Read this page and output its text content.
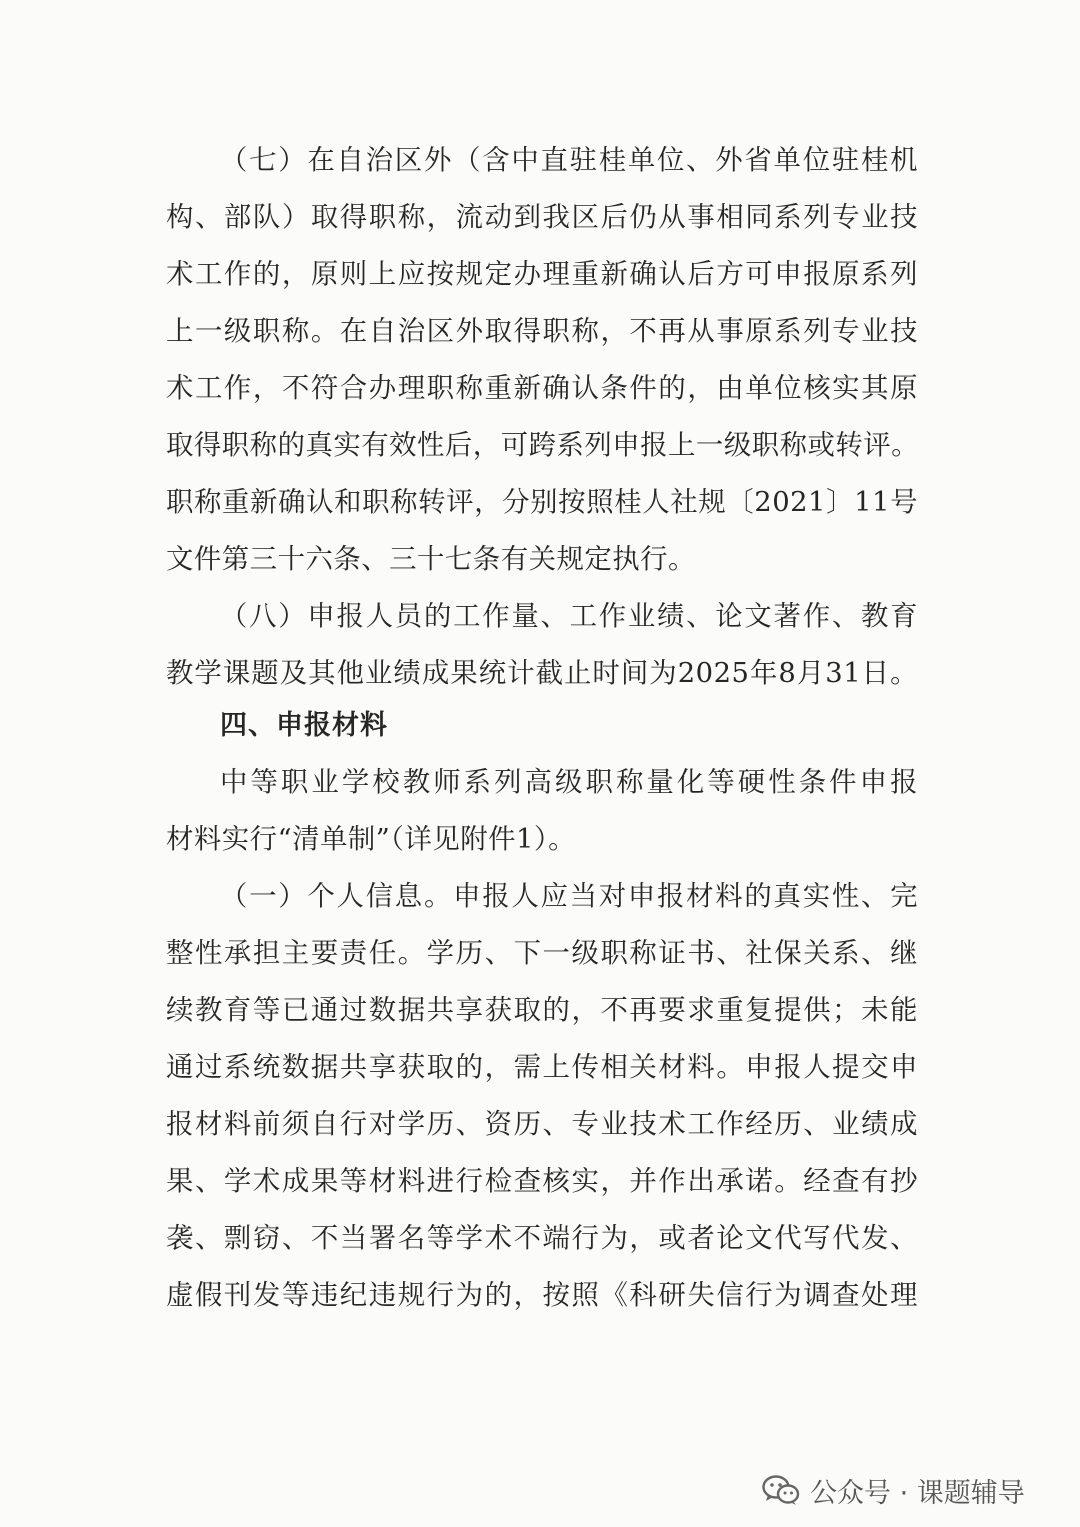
（七）在自治区外（含中直驻桂单位、外省单位驻桂机
构、部队）取得职称，流动到我区后仍从事相同系列专业技
术工作的，原则上应按规定办理重新确认后方可申报原系列
上一级职称。在自治区外取得职称，不再从事原系列专业技
术工作，不符合办理职称重新确认条件的，由单位核实其原
取得职称的真实有效性后，可跨系列申报上一级职称或转评。
职称重新确认和职称转评，分别按照桂人社规〔2021〕11号
文件第三十六条、三十七条有关规定执行。
（八）申报人员的工作量、工作业绩、论文著作、教育
教学课题及其他业绩成果统计截止时间为2025年8月31日。
四、申报材料
中等职业学校教师系列高级职称量化等硬性条件申报
材料实行“清单制”（详见附件1）。
（一）个人信息。申报人应当对申报材料的真实性、完
整性承担主要责任。学历、下一级职称证书、社保关系、继
续教育等已通过数据共享获取的，不再要求重复提供；未能
通过系统数据共享获取的，需上传相关材料。申报人提交申
报材料前须自行对学历、资历、专业技术工作经历、业绩成
果、学术成果等材料进行检查核实，并作出承诺。经查有抄
袭、剽窃、不当署名等学术不端行为，或者论文代写代发、
虚假刊发等违纪违规行为的，按照《科研失信行为调查处理
公众号 · 课题辅导
